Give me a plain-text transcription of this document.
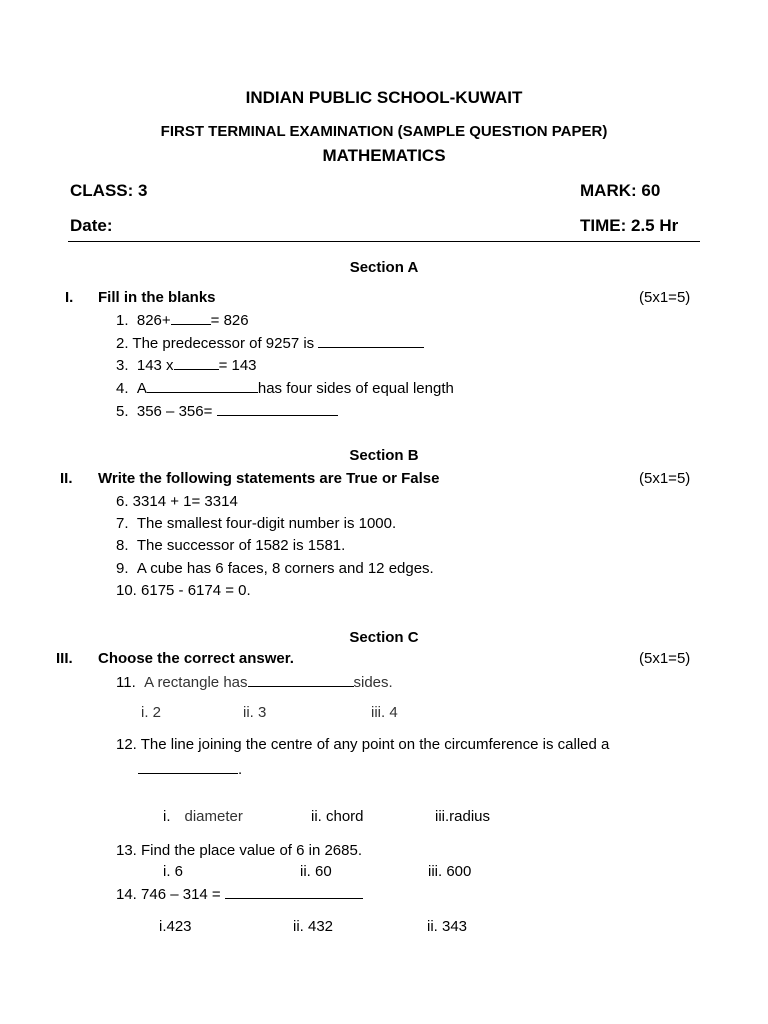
INDIAN PUBLIC SCHOOL-KUWAIT
FIRST TERMINAL EXAMINATION (SAMPLE QUESTION PAPER)
MATHEMATICS
CLASS: 3	MARK: 60
Date:	TIME: 2.5 Hr
Section A
I. Fill in the blanks	(5x1=5)
1. 826+	= 826
2. The predecessor of 9257 is
3. 143 x	= 143
4. A	has four sides of equal length
5. 356 – 356=
Section B
II. Write the following statements are True or False	(5x1=5)
6. 3314 + 1= 3314
7. The smallest four-digit number is 1000.
8. The successor of 1582 is 1581.
9. A cube has 6 faces, 8 corners and 12 edges.
10. 6175 - 6174 = 0.
Section C
III. Choose the correct answer.	(5x1=5)
11. A rectangle has	sides.
i. 2	ii. 3	iii. 4
12. The line joining the centre of any point on the circumference is called a
.
i. diameter	ii. chord	iii.radius
13. Find the place value of 6 in 2685.
i. 6	ii. 60	iii. 600
14. 746 – 314 =
i.423	ii. 432	ii. 343
